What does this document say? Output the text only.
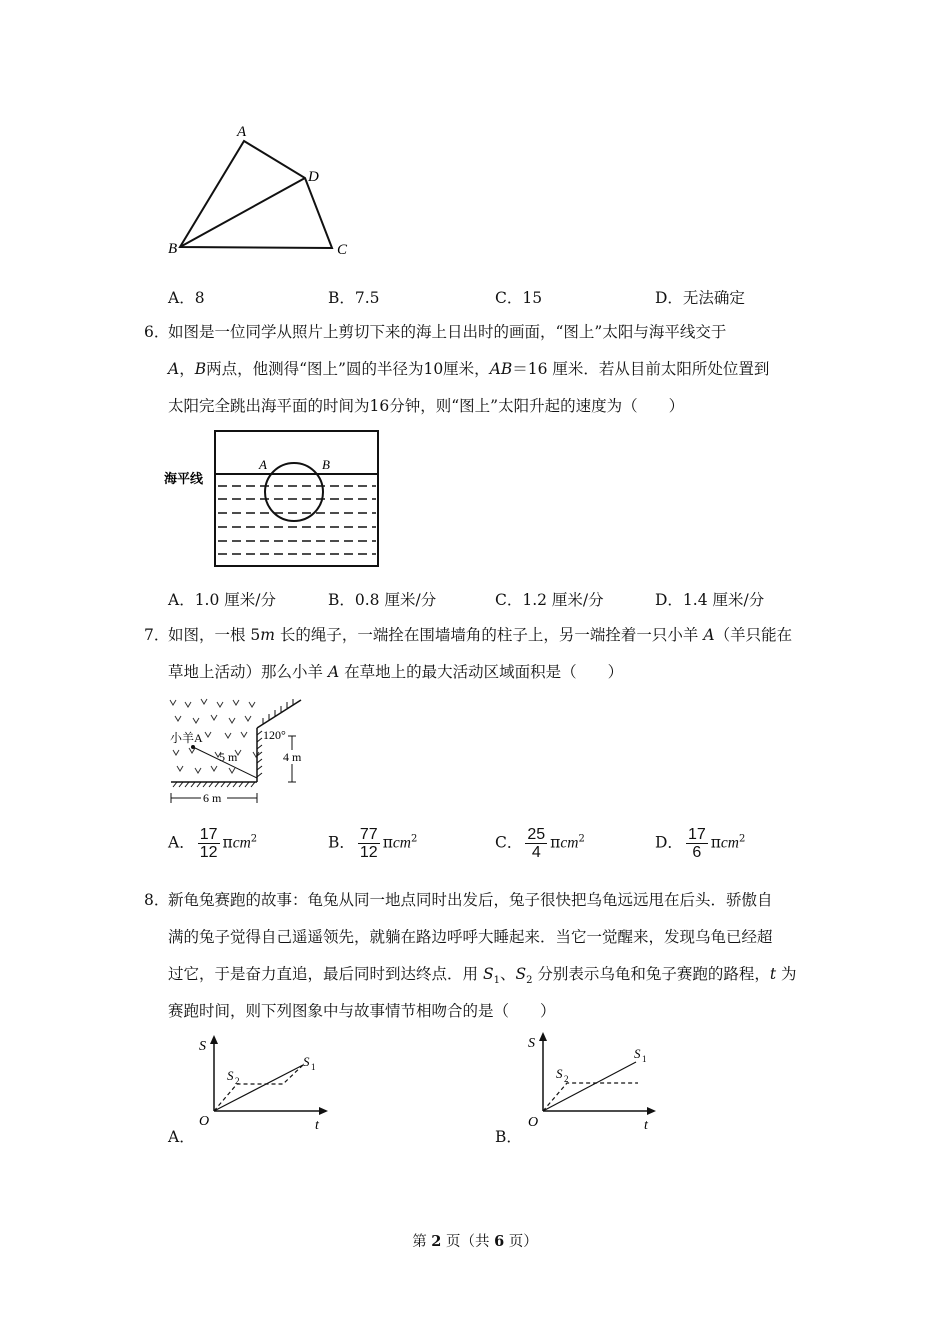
A
D
B	C
A．8	B．7.5	C．15	D．无法确定
6．
如图是一位同学从照片上剪切下来的海上日出时的画面，“图上”太阳与海平线交于
A，B两点，他测得“图上”圆的半径为10厘米，AB＝16 厘米．若从目前太阳所处位置到
太阳完全跳出海平面的时间为16分钟，则“图上”太阳升起的速度为（　　）
海平线
A	B
A．1.0 厘米/分	B．0.8 厘米/分	C．1.2 厘米/分	D．1.4 厘米/分
7．
如图，一根 5m 长的绳子，一端拴在围墙墙角的柱子上，另一端拴着一只小羊 A（羊只能在
草地上活动）那么小羊 A 在草地上的最大活动区域面积是（　　）
小羊A
5 m
120°
4 m
6 m
A． $\frac{17}{12} \pi cm^2$	B． $\frac{77}{12} \pi cm^2$	C． $\frac{25}{4} \pi cm^2$	D． $\frac{17}{6} \pi cm^2$
8．
新龟兔赛跑的故事：龟兔从同一地点同时出发后，兔子很快把乌龟远远甩在后头．骄傲自
满的兔子觉得自己遥遥领先，就躺在路边呼呼大睡起来．当它一觉醒来，发现乌龟已经超
过它，于是奋力直追，最后同时到达终点．用 $S_1$、$S_2$ 分别表示乌龟和兔子赛跑的路程，t 为
赛跑时间，则下列图象中与故事情节相吻合的是（　　）
S
O	t
S 1
S 2
A．
S
O	t
S 1
S 2
B．
第 2 页（共 6 页）
